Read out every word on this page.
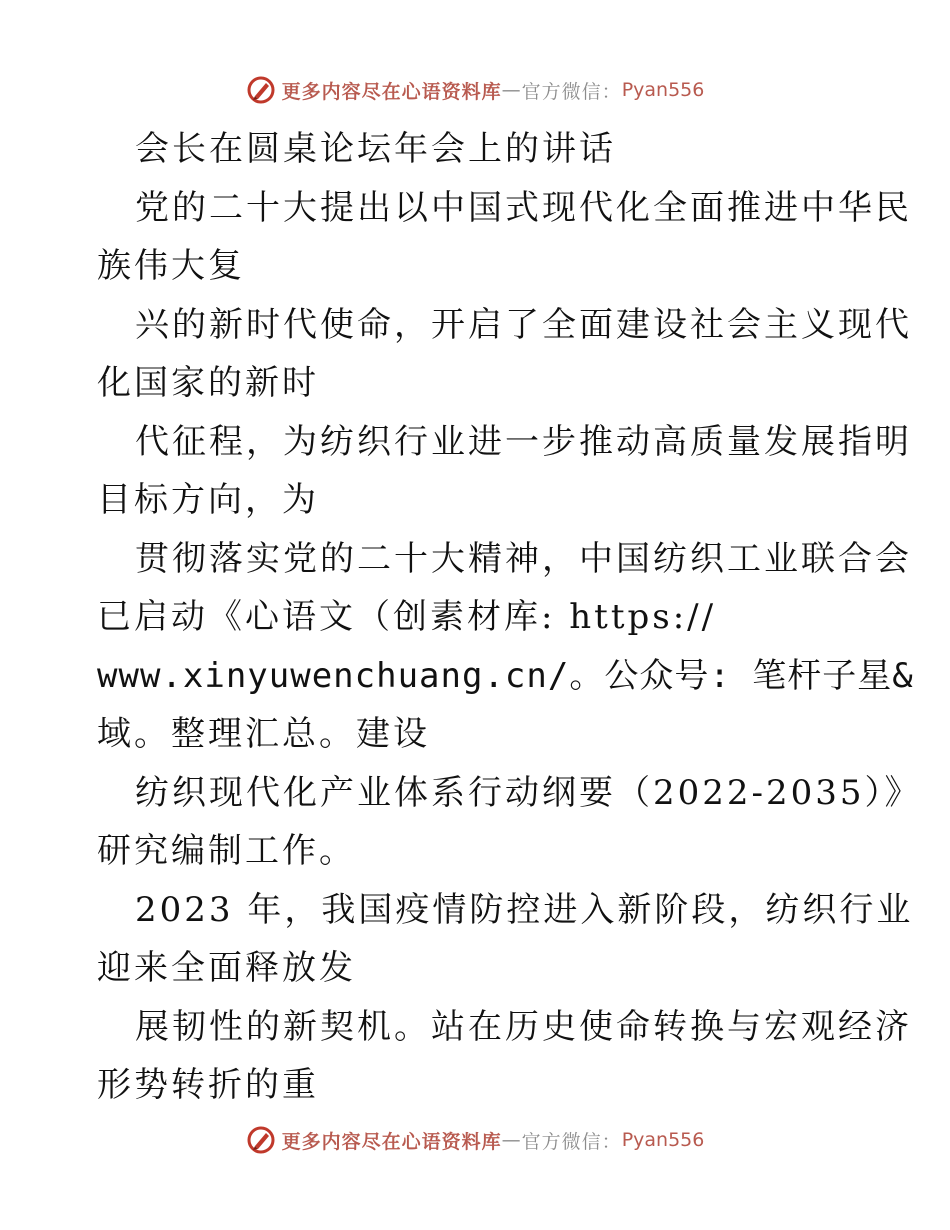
更多内容尽在心语资料库 — 官方微信： Pyan556
会长在圆桌论坛年会上的讲话
党的二十大提出以中国式现代化全面推进中华民
族伟大复
兴的新时代使命，开启了全面建设社会主义现代
化国家的新时
代征程，为纺织行业进一步推动高质量发展指明
目标方向，为
贯彻落实党的二十大精神，中国纺织工业联合会
已启动《心语文（创素材库: https://
www.xinyuwenchuang.cn/。公众号: 笔杆子星&
域。整理汇总。建设
纺织现代化产业体系行动纲要（2022-2035）》
研究编制工作。
2023 年，我国疫情防控进入新阶段，纺织行业
迎来全面释放发
展韧性的新契机。站在历史使命转换与宏观经济
形势转折的重
更多内容尽在心语资料库 — 官方微信： Pyan556
